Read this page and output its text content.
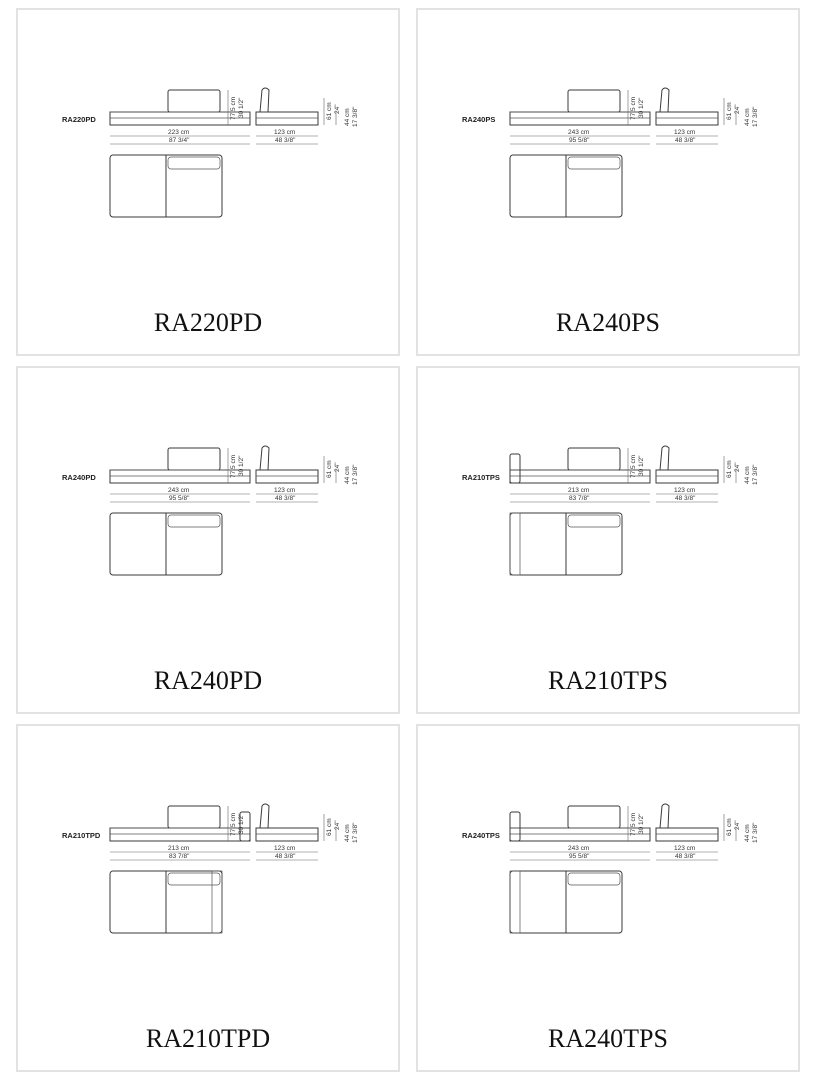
RA220PD
223 cm
87 3/4"
123 cm
48 3/8"
77,5 cm 30 1/2"	61 cm 24" 44 cm 17 3/8"
RA220PD
RA240PS
243 cm
95 5/8"
123 cm
48 3/8"
77,5 cm 30 1/2"	61 cm 24" 44 cm 17 3/8"
RA240PS
RA240PD
243 cm
95 5/8"
123 cm
48 3/8"
77,5 cm 30 1/2"	61 cm 24" 44 cm 17 3/8"
RA240PD
RA210TPS
213 cm
83 7/8"
123 cm
48 3/8"
77,5 cm 30 1/2"	61 cm 24" 44 cm 17 3/8"
RA210TPS
RA210TPD
213 cm
83 7/8"
123 cm
48 3/8"
77,5 cm 30 1/2"	61 cm 24" 44 cm 17 3/8"
RA210TPD
RA240TPS
243 cm
95 5/8"
123 cm
48 3/8"
77,5 cm 30 1/2"	61 cm 24" 44 cm 17 3/8"
RA240TPS
